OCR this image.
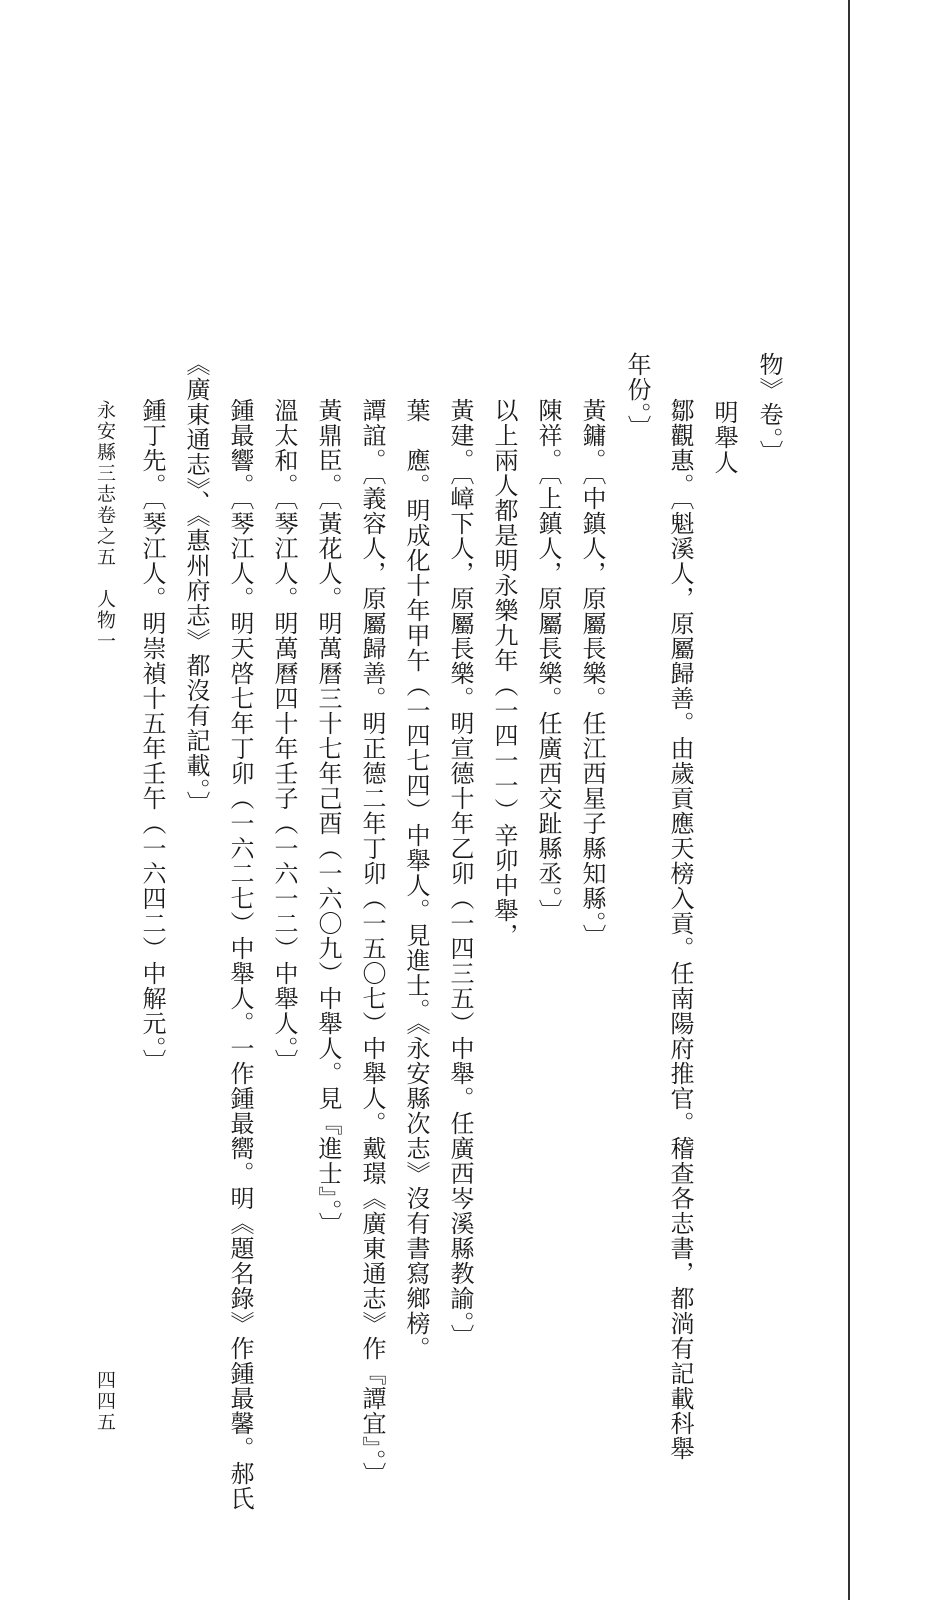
物》卷。〕
明舉人
鄒觀惠。〔魁溪人，原屬歸善。由歲貢應天榜入貢。任南陽府推官。稽查各志書，都淌有記載科舉
年份。〕
黃鏞。〔中鎮人，原屬長樂。任江西星子縣知縣。〕
陳祥。〔上鎮人，原屬長樂。任廣西交趾縣丞。〕
以上兩人都是明永樂九年（一四一一）辛卯中舉，
黃建。〔嶂下人，原屬長樂。明宣德十年乙卯（一四三五）中舉。任廣西岑溪縣教諭。〕
葉　應。明成化十年甲午（一四七四）中舉人。見進士。《永安縣次志》沒有書寫鄉榜。
譚誼。〔義容人，原屬歸善。明正德二年丁卯（一五〇七）中舉人。戴璟《廣東通志》作『譚宜』。〕
黃鼎臣。〔黃花人。明萬曆三十七年己酉（一六〇九）中舉人。見『進士』。〕
溫太和。〔琴江人。明萬曆四十年壬子（一六一二）中舉人。〕
鍾最響。〔琴江人。明天啓七年丁卯（一六二七）中舉人。一作鍾最嚮。明《題名錄》作鍾最馨。郝氏
《廣東通志》、《惠州府志》都沒有記載。〕
鍾丁先。〔琴江人。明崇禎十五年壬午（一六四二）中解元。〕
永安縣三志卷之五　人物一
四四五
